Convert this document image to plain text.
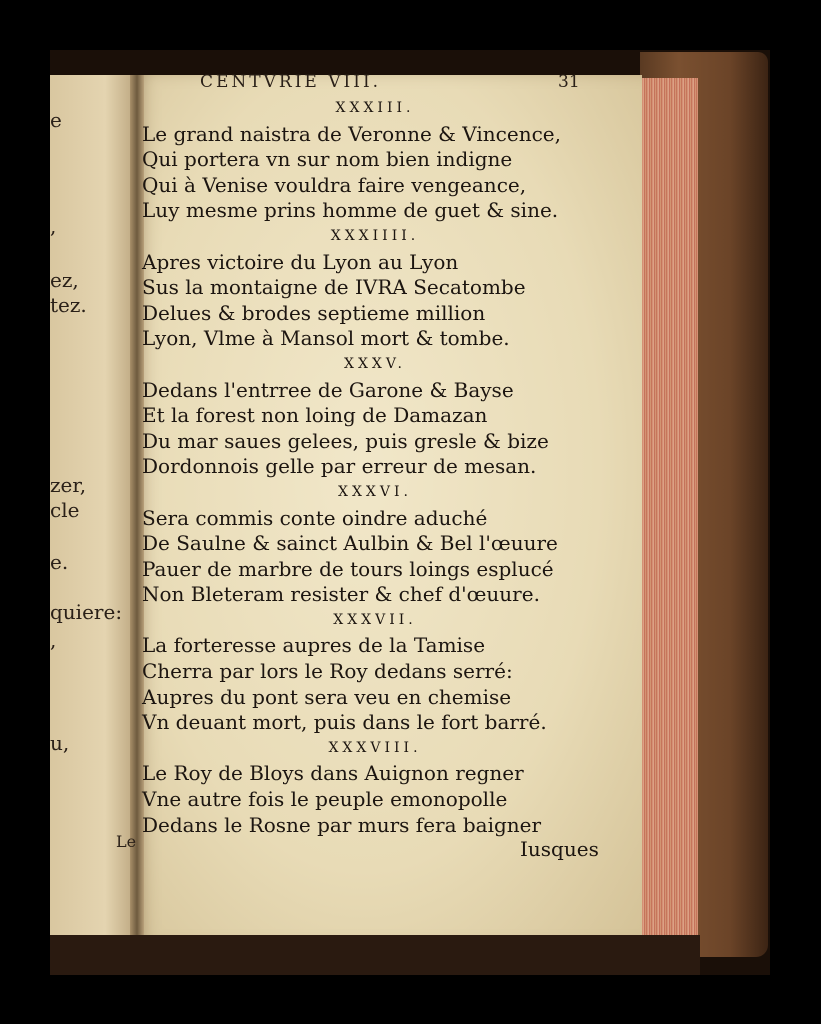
e
,
ez,
tez.
zer,
cle
e.
quiere:
,
u,
Le
CENTVRIE VIII.	31
XXXIII.
Le grand naistra de Veronne & Vincence,
Qui portera vn sur nom bien indigne
Qui à Venise vouldra faire vengeance,
Luy mesme prins homme de guet & sine.
XXXIIII.
Apres victoire du Lyon au Lyon
Sus la montaigne de IVRA Secatombe
Delues & brodes septieme million
Lyon, Vlme à Mansol mort & tombe.
XXXV.
Dedans l'entrree de Garone & Bayse
Et la forest non loing de Damazan
Du mar saues gelees, puis gresle & bize
Dordonnois gelle par erreur de mesan.
XXXVI.
Sera commis conte oindre aduché
De Saulne & sainct Aulbin & Bel l'œuure
Pauer de marbre de tours loings esplucé
Non Bleteram resister & chef d'œuure.
XXXVII.
La forteresse aupres de la Tamise
Cherra par lors le Roy dedans serré:
Aupres du pont sera veu en chemise
Vn deuant mort, puis dans le fort barré.
XXXVIII.
Le Roy de Bloys dans Auignon regner
Vne autre fois le peuple emonopolle
Dedans le Rosne par murs fera baigner
Iusques
